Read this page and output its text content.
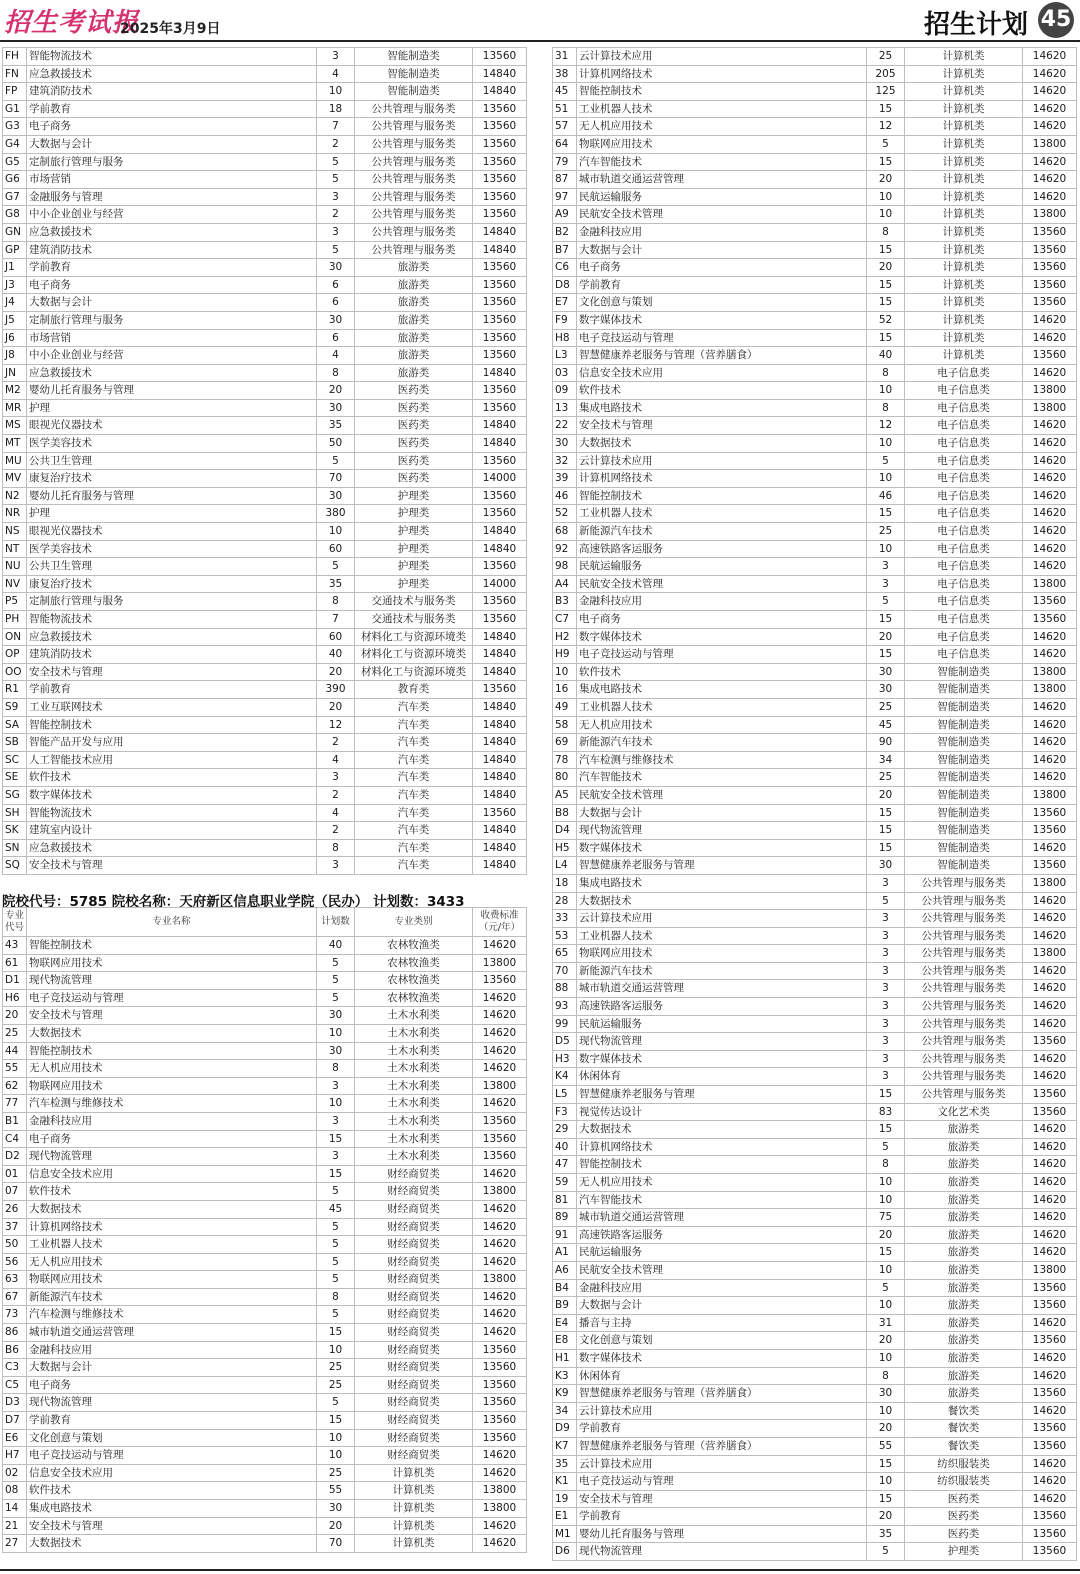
招生考试报
2025年3月9日	招生计划 45
FH	智能物流技术	3	智能制造类	13560
FN	应急救援技术	4	智能制造类	14840
FP	建筑消防技术	10	智能制造类	14840
G1	学前教育	18	公共管理与服务类	13560
G3	电子商务	7	公共管理与服务类	13560
G4	大数据与会计	2	公共管理与服务类	13560
G5	定制旅行管理与服务	5	公共管理与服务类	13560
G6	市场营销	5	公共管理与服务类	13560
G7	金融服务与管理	3	公共管理与服务类	13560
G8	中小企业创业与经营	2	公共管理与服务类	13560
GN	应急救援技术	3	公共管理与服务类	14840
GP	建筑消防技术	5	公共管理与服务类	14840
J1	学前教育	30	旅游类	13560
J3	电子商务	6	旅游类	13560
J4	大数据与会计	6	旅游类	13560
J5	定制旅行管理与服务	30	旅游类	13560
J6	市场营销	6	旅游类	13560
J8	中小企业创业与经营	4	旅游类	13560
JN	应急救援技术	8	旅游类	14840
M2	婴幼儿托育服务与管理	20	医药类	13560
MR	护理	30	医药类	13560
MS	眼视光仪器技术	35	医药类	14840
MT	医学美容技术	50	医药类	14840
MU	公共卫生管理	5	医药类	13560
MV	康复治疗技术	70	医药类	14000
N2	婴幼儿托育服务与管理	30	护理类	13560
NR	护理	380	护理类	13560
NS	眼视光仪器技术	10	护理类	14840
NT	医学美容技术	60	护理类	14840
NU	公共卫生管理	5	护理类	13560
NV	康复治疗技术	35	护理类	14000
P5	定制旅行管理与服务	8	交通技术与服务类	13560
PH	智能物流技术	7	交通技术与服务类	13560
ON	应急救援技术	60	材料化工与资源环境类	14840
OP	建筑消防技术	40	材料化工与资源环境类	14840
OO	安全技术与管理	20	材料化工与资源环境类	14840
R1	学前教育	390	教育类	13560
S9	工业互联网技术	20	汽车类	14840
SA	智能控制技术	12	汽车类	14840
SB	智能产品开发与应用	2	汽车类	14840
SC	人工智能技术应用	4	汽车类	14840
SE	软件技术	3	汽车类	14840
SG	数字媒体技术	2	汽车类	14840
SH	智能物流技术	4	汽车类	13560
SK	建筑室内设计	2	汽车类	14840
SN	应急救援技术	8	汽车类	14840
SQ	安全技术与管理	3	汽车类	14840
院校代号：5785 院校名称：天府新区信息职业学院（民办） 计划数：3433
专业代号	专业名称	计划数	专业类别	收费标准（元/年）
43	智能控制技术	40	农林牧渔类	14620
61	物联网应用技术	5	农林牧渔类	13800
D1	现代物流管理	5	农林牧渔类	13560
H6	电子竞技运动与管理	5	农林牧渔类	14620
20	安全技术与管理	30	土木水利类	14620
25	大数据技术	10	土木水利类	14620
44	智能控制技术	30	土木水利类	14620
55	无人机应用技术	8	土木水利类	14620
62	物联网应用技术	3	土木水利类	13800
77	汽车检测与维修技术	10	土木水利类	14620
B1	金融科技应用	3	土木水利类	13560
C4	电子商务	15	土木水利类	13560
D2	现代物流管理	3	土木水利类	13560
01	信息安全技术应用	15	财经商贸类	14620
07	软件技术	5	财经商贸类	13800
26	大数据技术	45	财经商贸类	14620
37	计算机网络技术	5	财经商贸类	14620
50	工业机器人技术	5	财经商贸类	14620
56	无人机应用技术	5	财经商贸类	14620
63	物联网应用技术	5	财经商贸类	13800
67	新能源汽车技术	8	财经商贸类	14620
73	汽车检测与维修技术	5	财经商贸类	14620
86	城市轨道交通运营管理	15	财经商贸类	14620
B6	金融科技应用	10	财经商贸类	13560
C3	大数据与会计	25	财经商贸类	13560
C5	电子商务	25	财经商贸类	13560
D3	现代物流管理	5	财经商贸类	13560
D7	学前教育	15	财经商贸类	13560
E6	文化创意与策划	10	财经商贸类	13560
H7	电子竞技运动与管理	10	财经商贸类	14620
02	信息安全技术应用	25	计算机类	14620
08	软件技术	55	计算机类	13800
14	集成电路技术	30	计算机类	13800
21	安全技术与管理	20	计算机类	14620
27	大数据技术	70	计算机类	14620
31	云计算技术应用	25	计算机类	14620
38	计算机网络技术	205	计算机类	14620
45	智能控制技术	125	计算机类	14620
51	工业机器人技术	15	计算机类	14620
57	无人机应用技术	12	计算机类	14620
64	物联网应用技术	5	计算机类	13800
79	汽车智能技术	15	计算机类	14620
87	城市轨道交通运营管理	20	计算机类	14620
97	民航运输服务	10	计算机类	14620
A9	民航安全技术管理	10	计算机类	13800
B2	金融科技应用	8	计算机类	13560
B7	大数据与会计	15	计算机类	13560
C6	电子商务	20	计算机类	13560
D8	学前教育	15	计算机类	13560
E7	文化创意与策划	15	计算机类	13560
F9	数字媒体技术	52	计算机类	14620
H8	电子竞技运动与管理	15	计算机类	14620
L3	智慧健康养老服务与管理（营养膳食）	40	计算机类	13560
03	信息安全技术应用	8	电子信息类	14620
09	软件技术	10	电子信息类	13800
13	集成电路技术	8	电子信息类	13800
22	安全技术与管理	12	电子信息类	14620
30	大数据技术	10	电子信息类	14620
32	云计算技术应用	5	电子信息类	14620
39	计算机网络技术	10	电子信息类	14620
46	智能控制技术	46	电子信息类	14620
52	工业机器人技术	15	电子信息类	14620
68	新能源汽车技术	25	电子信息类	14620
92	高速铁路客运服务	10	电子信息类	14620
98	民航运输服务	3	电子信息类	14620
A4	民航安全技术管理	3	电子信息类	13800
B3	金融科技应用	5	电子信息类	13560
C7	电子商务	15	电子信息类	13560
H2	数字媒体技术	20	电子信息类	14620
H9	电子竞技运动与管理	15	电子信息类	14620
10	软件技术	30	智能制造类	13800
16	集成电路技术	30	智能制造类	13800
49	工业机器人技术	25	智能制造类	14620
58	无人机应用技术	45	智能制造类	14620
69	新能源汽车技术	90	智能制造类	14620
78	汽车检测与维修技术	34	智能制造类	14620
80	汽车智能技术	25	智能制造类	14620
A5	民航安全技术管理	20	智能制造类	13800
B8	大数据与会计	15	智能制造类	13560
D4	现代物流管理	15	智能制造类	13560
H5	数字媒体技术	15	智能制造类	14620
L4	智慧健康养老服务与管理	30	智能制造类	13560
18	集成电路技术	3	公共管理与服务类	13800
28	大数据技术	5	公共管理与服务类	14620
33	云计算技术应用	3	公共管理与服务类	14620
53	工业机器人技术	3	公共管理与服务类	14620
65	物联网应用技术	3	公共管理与服务类	13800
70	新能源汽车技术	3	公共管理与服务类	14620
88	城市轨道交通运营管理	3	公共管理与服务类	14620
93	高速铁路客运服务	3	公共管理与服务类	14620
99	民航运输服务	3	公共管理与服务类	14620
D5	现代物流管理	3	公共管理与服务类	13560
H3	数字媒体技术	3	公共管理与服务类	14620
K4	休闲体育	3	公共管理与服务类	14620
L5	智慧健康养老服务与管理	15	公共管理与服务类	13560
F3	视觉传达设计	83	文化艺术类	13560
29	大数据技术	15	旅游类	14620
40	计算机网络技术	5	旅游类	14620
47	智能控制技术	8	旅游类	14620
59	无人机应用技术	10	旅游类	14620
81	汽车智能技术	10	旅游类	14620
89	城市轨道交通运营管理	75	旅游类	14620
91	高速铁路客运服务	20	旅游类	14620
A1	民航运输服务	15	旅游类	14620
A6	民航安全技术管理	10	旅游类	13800
B4	金融科技应用	5	旅游类	13560
B9	大数据与会计	10	旅游类	13560
E4	播音与主持	31	旅游类	14620
E8	文化创意与策划	20	旅游类	13560
H1	数字媒体技术	10	旅游类	14620
K3	休闲体育	8	旅游类	14620
K9	智慧健康养老服务与管理（营养膳食）	30	旅游类	13560
34	云计算技术应用	10	餐饮类	14620
D9	学前教育	20	餐饮类	13560
K7	智慧健康养老服务与管理（营养膳食）	55	餐饮类	13560
35	云计算技术应用	15	纺织服装类	14620
K1	电子竞技运动与管理	10	纺织服装类	14620
19	安全技术与管理	15	医药类	14620
E1	学前教育	20	医药类	13560
M1	婴幼儿托育服务与管理	35	医药类	13560
D6	现代物流管理	5	护理类	13560
